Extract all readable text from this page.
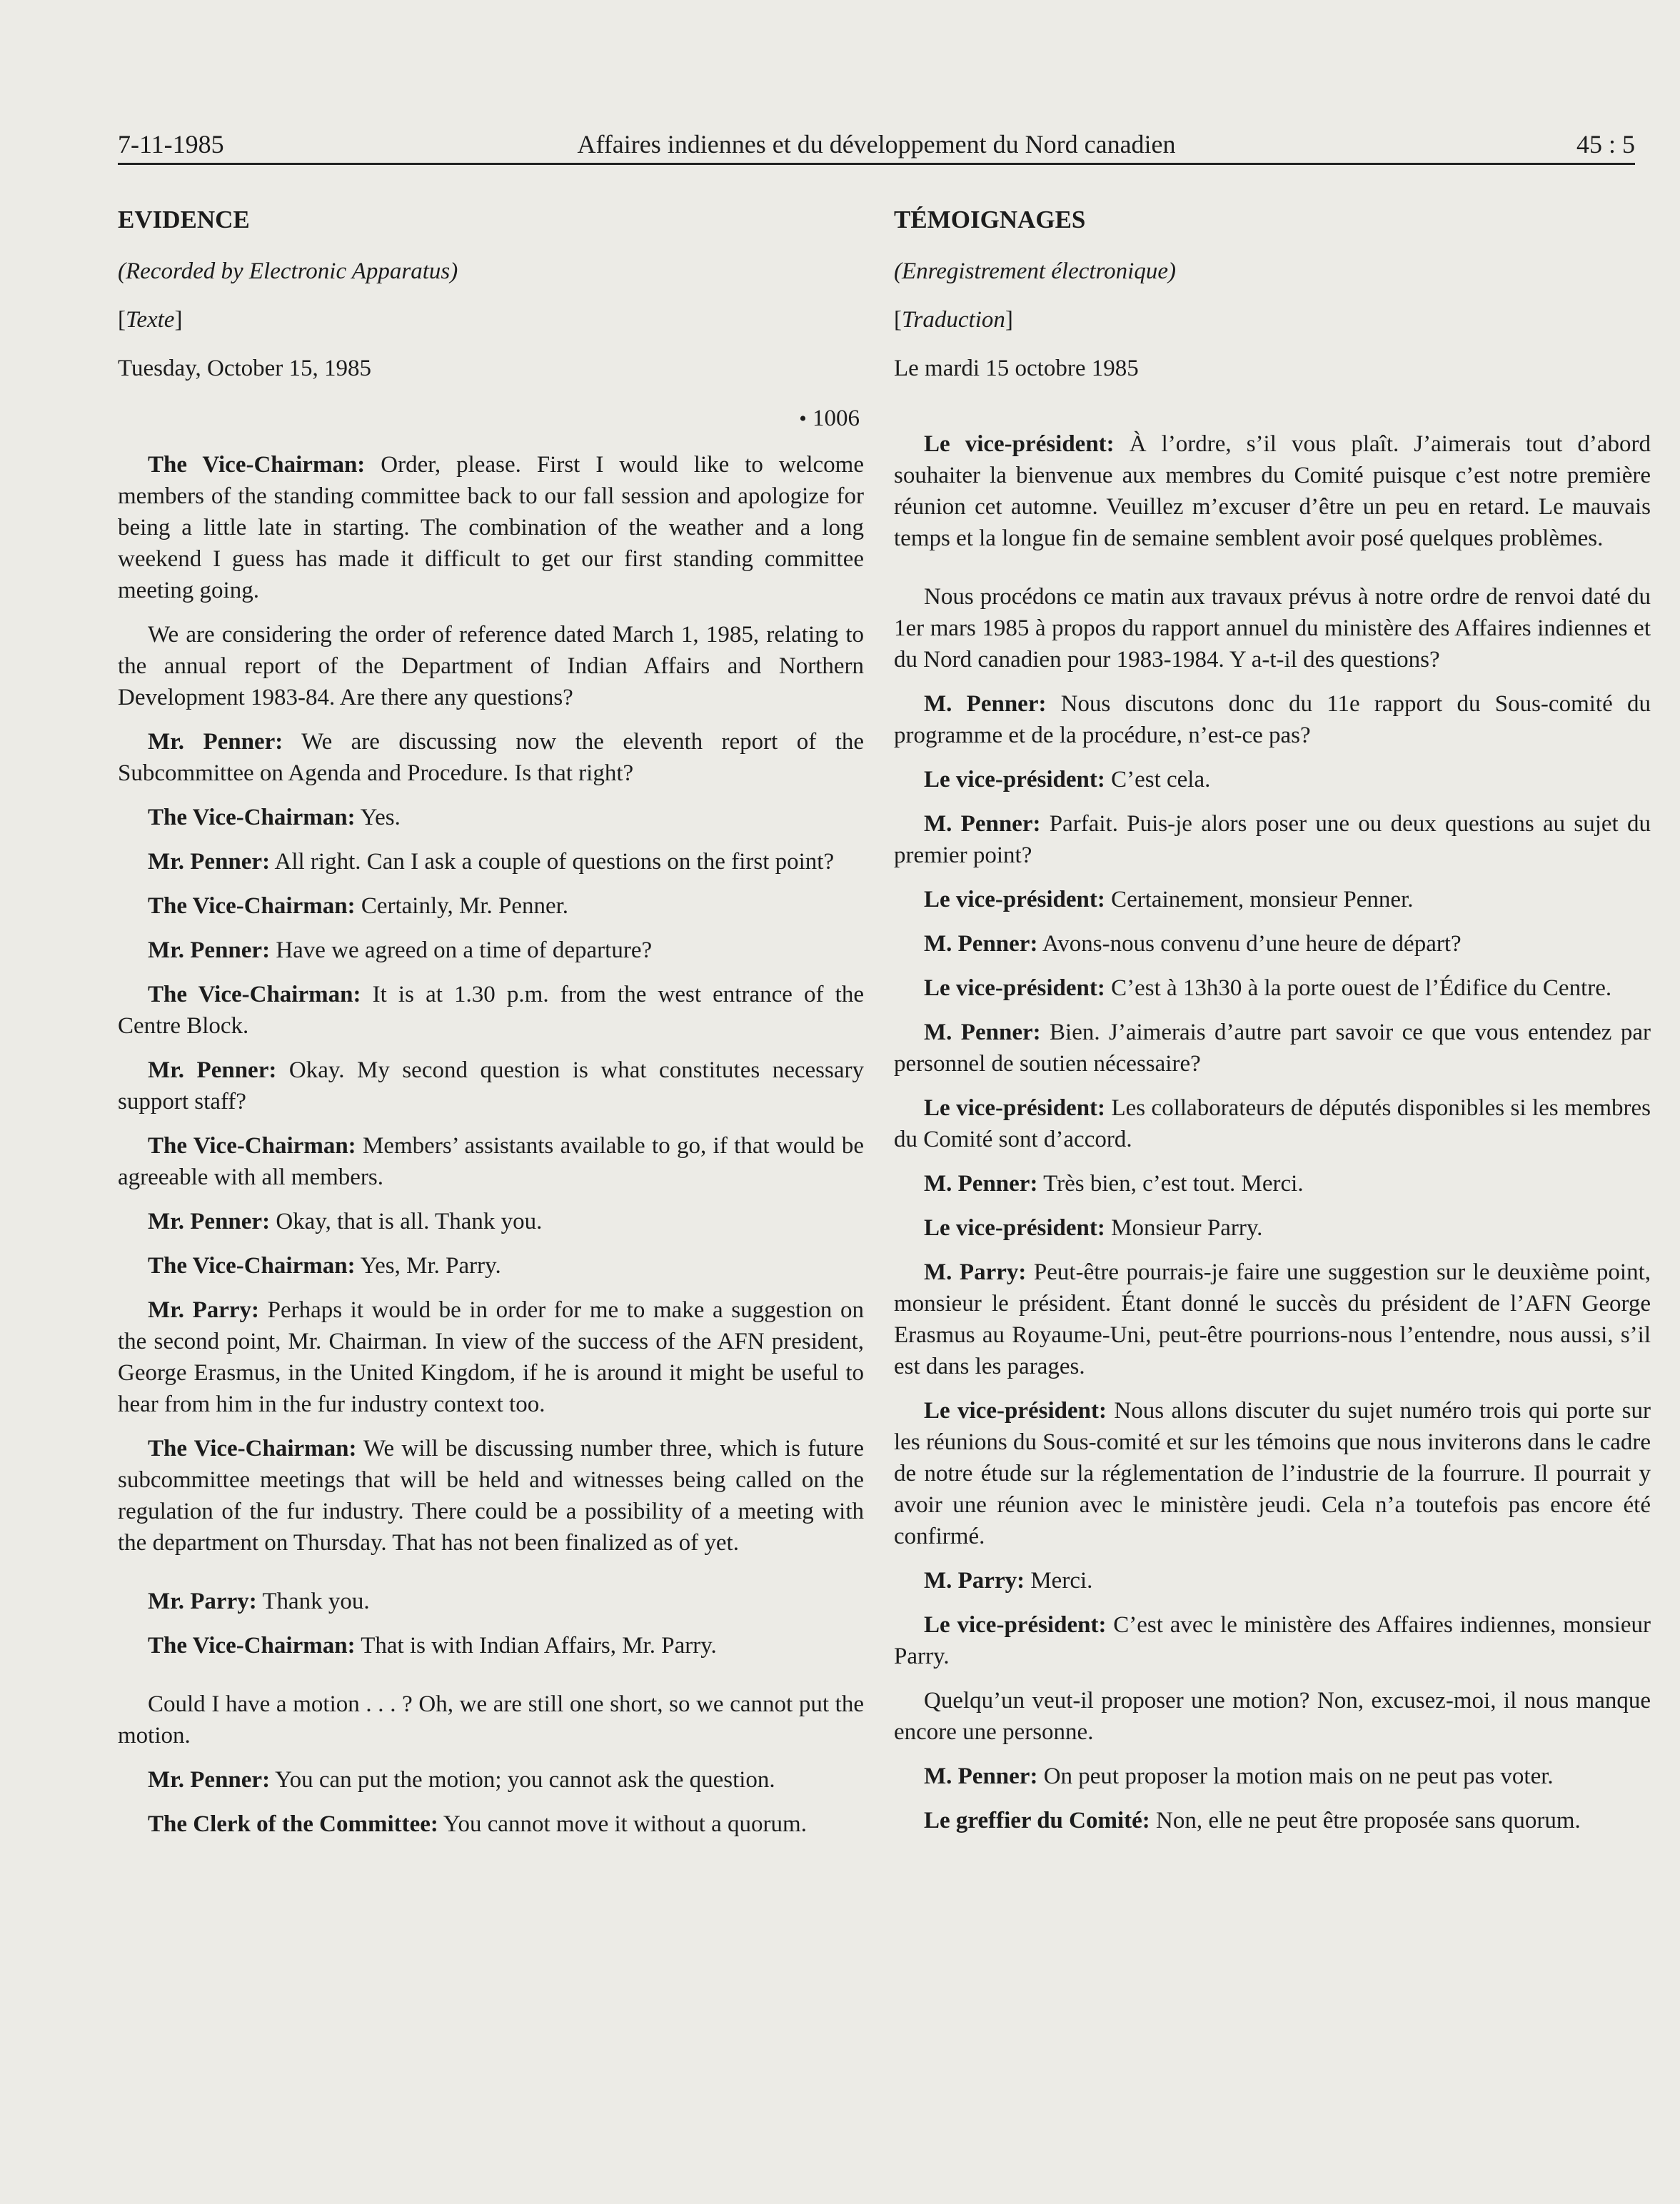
7-11-1985	Affaires indiennes et du développement du Nord canadien	45 : 5
EVIDENCE
(Recorded by Electronic Apparatus)
[Texte]
Tuesday, October 15, 1985
• 1006

The Vice-Chairman: Order, please. First I would like to welcome members of the standing committee back to our fall session and apologize for being a little late in starting. The combination of the weather and a long weekend I guess has made it difficult to get our first standing committee meeting going.

We are considering the order of reference dated March 1, 1985, relating to the annual report of the Department of Indian Affairs and Northern Development 1983-84. Are there any questions?

Mr. Penner: We are discussing now the eleventh report of the Subcommittee on Agenda and Procedure. Is that right?

The Vice-Chairman: Yes.

Mr. Penner: All right. Can I ask a couple of questions on the first point?

The Vice-Chairman: Certainly, Mr. Penner.

Mr. Penner: Have we agreed on a time of departure?

The Vice-Chairman: It is at 1.30 p.m. from the west entrance of the Centre Block.

Mr. Penner: Okay. My second question is what constitutes necessary support staff?

The Vice-Chairman: Members’ assistants available to go, if that would be agreeable with all members.

Mr. Penner: Okay, that is all. Thank you.

The Vice-Chairman: Yes, Mr. Parry.

Mr. Parry: Perhaps it would be in order for me to make a suggestion on the second point, Mr. Chairman. In view of the success of the AFN president, George Erasmus, in the United Kingdom, if he is around it might be useful to hear from him in the fur industry context too.

The Vice-Chairman: We will be discussing number three, which is future subcommittee meetings that will be held and witnesses being called on the regulation of the fur industry. There could be a possibility of a meeting with the department on Thursday. That has not been finalized as of yet.

Mr. Parry: Thank you.

The Vice-Chairman: That is with Indian Affairs, Mr. Parry.

Could I have a motion . . . ? Oh, we are still one short, so we cannot put the motion.

Mr. Penner: You can put the motion; you cannot ask the question.

The Clerk of the Committee: You cannot move it without a quorum.

TÉMOIGNAGES
(Enregistrement électronique)
[Traduction]
Le mardi 15 octobre 1985

Le vice-président: À l’ordre, s’il vous plaît. J’aimerais tout d’abord souhaiter la bienvenue aux membres du Comité puisque c’est notre première réunion cet automne. Veuillez m’excuser d’être un peu en retard. Le mauvais temps et la longue fin de semaine semblent avoir posé quelques problèmes.

Nous procédons ce matin aux travaux prévus à notre ordre de renvoi daté du 1er mars 1985 à propos du rapport annuel du ministère des Affaires indiennes et du Nord canadien pour 1983-1984. Y a-t-il des questions?

M. Penner: Nous discutons donc du 11e rapport du Sous-comité du programme et de la procédure, n’est-ce pas?

Le vice-président: C’est cela.

M. Penner: Parfait. Puis-je alors poser une ou deux questions au sujet du premier point?

Le vice-président: Certainement, monsieur Penner.

M. Penner: Avons-nous convenu d’une heure de départ?

Le vice-président: C’est à 13h30 à la porte ouest de l’Édifice du Centre.

M. Penner: Bien. J’aimerais d’autre part savoir ce que vous entendez par personnel de soutien nécessaire?

Le vice-président: Les collaborateurs de députés disponibles si les membres du Comité sont d’accord.

M. Penner: Très bien, c’est tout. Merci.

Le vice-président: Monsieur Parry.

M. Parry: Peut-être pourrais-je faire une suggestion sur le deuxième point, monsieur le président. Étant donné le succès du président de l’AFN George Erasmus au Royaume-Uni, peut-être pourrions-nous l’entendre, nous aussi, s’il est dans les parages.

Le vice-président: Nous allons discuter du sujet numéro trois qui porte sur les réunions du Sous-comité et sur les témoins que nous inviterons dans le cadre de notre étude sur la réglementation de l’industrie de la fourrure. Il pourrait y avoir une réunion avec le ministère jeudi. Cela n’a toutefois pas encore été confirmé.

M. Parry: Merci.

Le vice-président: C’est avec le ministère des Affaires indiennes, monsieur Parry.

Quelqu’un veut-il proposer une motion? Non, excusez-moi, il nous manque encore une personne.

M. Penner: On peut proposer la motion mais on ne peut pas voter.

Le greffier du Comité: Non, elle ne peut être proposée sans quorum.
